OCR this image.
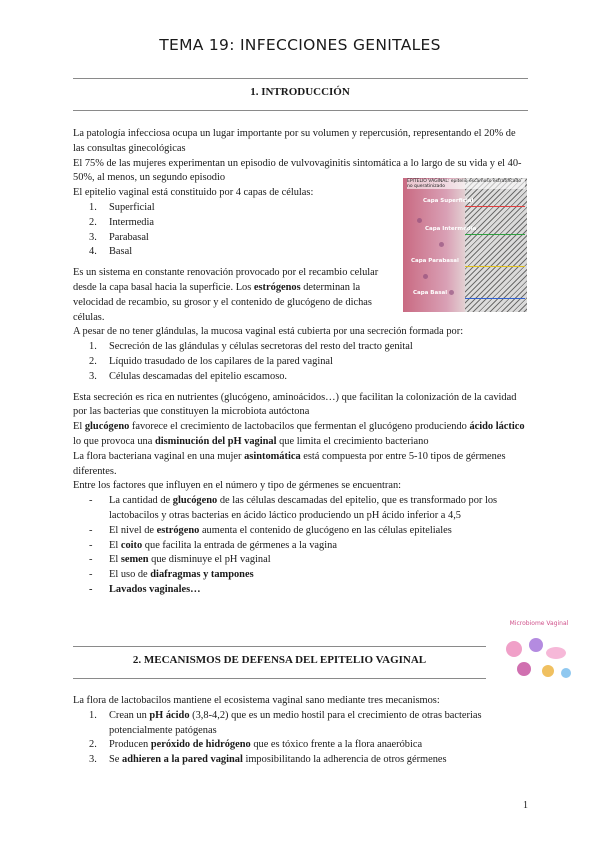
TEMA 19: INFECCIONES GENITALES
1. INTRODUCCIÓN

La patología infecciosa ocupa un lugar importante por su volumen y repercusión, representando el 20% de las consultas ginecológicas

El 75% de las mujeres experimentan un episodio de vulvovaginitis sintomática a lo largo de su vida y el 40-50%, al menos, un segundo episodio

El epitelio vaginal está constituido por 4 capas de células:

1. Superficial
2. Intermedia
3. Parabasal
4. Basal

Es un sistema en constante renovación provocado por el recambio celular desde la capa basal hacia la superficie. Los estrógenos determinan la velocidad de recambio, su grosor y el contenido de glucógeno de dichas células.

A pesar de no tener glándulas, la mucosa vaginal está cubierta por una secreción formada por:

1. Secreción de las glándulas y células secretoras del resto del tracto genital
2. Líquido trasudado de los capilares de la pared vaginal
3. Células descamadas del epitelio escamoso.

Esta secreción es rica en nutrientes (glucógeno, aminoácidos…) que facilitan la colonización de la cavidad por las bacterias que constituyen la microbiota autóctona

El glucógeno favorece el crecimiento de lactobacilos que fermentan el glucógeno produciendo ácido láctico lo que provoca una disminución del pH vaginal que limita el crecimiento bacteriano

La flora bacteriana vaginal en una mujer asintomática está compuesta por entre 5-10 tipos de gérmenes diferentes.

Entre los factores que influyen en el número y tipo de gérmenes se encuentran:

- La cantidad de glucógeno de las células descamadas del epitelio, que es transformado por los lactobacilos y otras bacterias en ácido láctico produciendo un pH ácido inferior a 4,5
- El nivel de estrógeno aumenta el contenido de glucógeno en las células epiteliales
- El coito que facilita la entrada de gérmenes a la vagina
- El semen que disminuye el pH vaginal
- El uso de diafragmas y tampones
- Lavados vaginales…
EPITELIO VAGINAL: epitelio escamoso estratificado no queratinizado
Capa Superficial
Capa Intermedia
Capa Parabasal
Capa Basal
Microbiome Vaginal
2. MECANISMOS DE DEFENSA DEL EPITELIO VAGINAL

La flora de lactobacilos mantiene el ecosistema vaginal sano mediante tres mecanismos:

1. Crean un pH ácido (3,8-4,2) que es un medio hostil para el crecimiento de otras bacterias potencialmente patógenas
2. Producen peróxido de hidrógeno que es tóxico frente a la flora anaeróbica
3. Se adhieren a la pared vaginal imposibilitando la adherencia de otros gérmenes
1
